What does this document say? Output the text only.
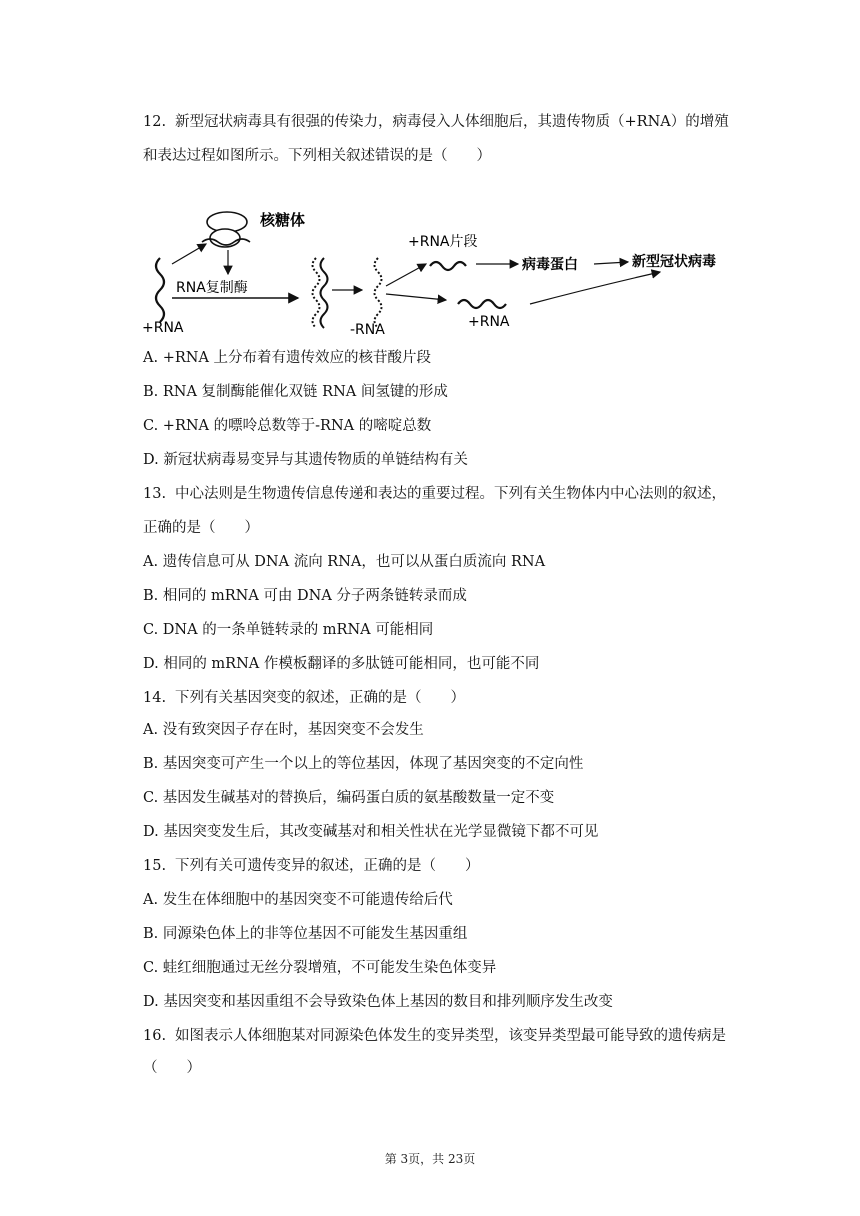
12. 新型冠状病毒具有很强的传染力，病毒侵入人体细胞后，其遗传物质（+RNA）的增殖
和表达过程如图所示。下列相关叙述错误的是（　　）
核糖体
+RNA
RNA复制酶
-RNA
+RNA片段
病毒蛋白	新型冠状病毒
+RNA
A. +RNA 上分布着有遗传效应的核苷酸片段
B. RNA 复制酶能催化双链 RNA 间氢键的形成
C. +RNA 的嘌呤总数等于-RNA 的嘧啶总数
D. 新冠状病毒易变异与其遗传物质的单链结构有关
13. 中心法则是生物遗传信息传递和表达的重要过程。下列有关生物体内中心法则的叙述，
正确的是（　　）
A. 遗传信息可从 DNA 流向 RNA，也可以从蛋白质流向 RNA
B. 相同的 mRNA 可由 DNA 分子两条链转录而成
C. DNA 的一条单链转录的 mRNA 可能相同
D. 相同的 mRNA 作模板翻译的多肽链可能相同，也可能不同
14. 下列有关基因突变的叙述，正确的是（　　）
A. 没有致突因子存在时，基因突变不会发生
B. 基因突变可产生一个以上的等位基因，体现了基因突变的不定向性
C. 基因发生碱基对的替换后，编码蛋白质的氨基酸数量一定不变
D. 基因突变发生后，其改变碱基对和相关性状在光学显微镜下都不可见
15. 下列有关可遗传变异的叙述，正确的是（　　）
A. 发生在体细胞中的基因突变不可能遗传给后代
B. 同源染色体上的非等位基因不可能发生基因重组
C. 蛙红细胞通过无丝分裂增殖，不可能发生染色体变异
D. 基因突变和基因重组不会导致染色体上基因的数目和排列顺序发生改变
16. 如图表示人体细胞某对同源染色体发生的变异类型，该变异类型最可能导致的遗传病是
（　　）
第 3页，共 23页
